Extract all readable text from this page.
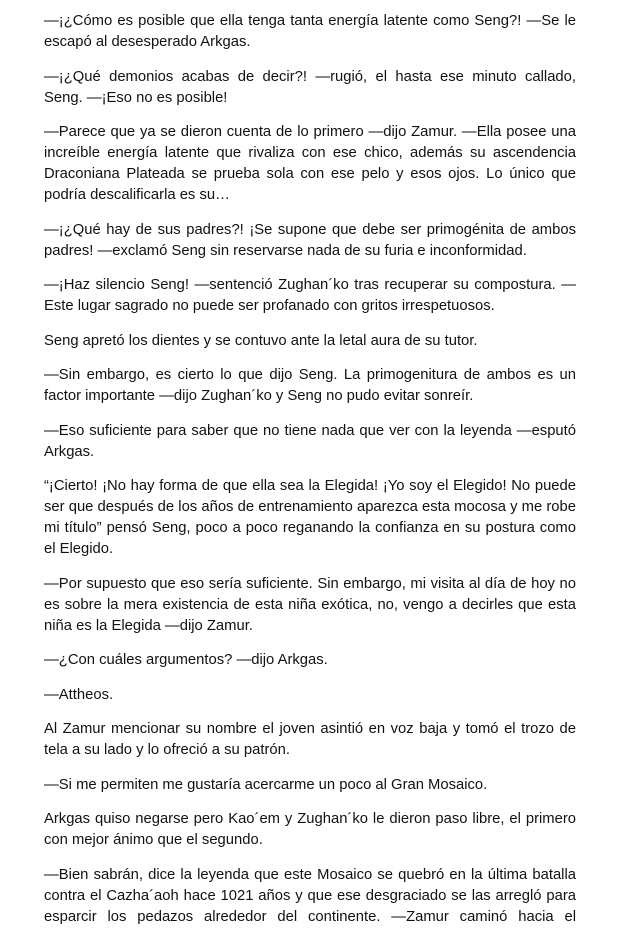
—¡¿Cómo es posible que ella tenga tanta energía latente como Seng?! —Se le escapó al desesperado Arkgas.

—¡¿Qué demonios acabas de decir?! —rugió, el hasta ese minuto callado, Seng. —¡Eso no es posible!

—Parece que ya se dieron cuenta de lo primero —dijo Zamur. —Ella posee una increíble energía latente que rivaliza con ese chico, además su ascendencia Draconiana Plateada se prueba sola con ese pelo y esos ojos. Lo único que podría descalificarla es su…

—¡¿Qué hay de sus padres?! ¡Se supone que debe ser primogénita de ambos padres! —exclamó Seng sin reservarse nada de su furia e inconformidad.

—¡Haz silencio Seng! —sentenció Zughan´ko tras recuperar su compostura. —Este lugar sagrado no puede ser profanado con gritos irrespetuosos.

Seng apretó los dientes y se contuvo ante la letal aura de su tutor.

—Sin embargo, es cierto lo que dijo Seng. La primogenitura de ambos es un factor importante —dijo Zughan´ko y Seng no pudo evitar sonreír.

—Eso suficiente para saber que no tiene nada que ver con la leyenda —esputó Arkgas.

“¡Cierto! ¡No hay forma de que ella sea la Elegida! ¡Yo soy el Elegido! No puede ser que después de los años de entrenamiento aparezca esta mocosa y me robe mi título” pensó Seng, poco a poco reganando la confianza en su postura como el Elegido.

—Por supuesto que eso sería suficiente. Sin embargo, mi visita al día de hoy no es sobre la mera existencia de esta niña exótica, no, vengo a decirles que esta niña es la Elegida —dijo Zamur.

—¿Con cuáles argumentos? —dijo Arkgas.

—Attheos.

Al Zamur mencionar su nombre el joven asintió en voz baja y tomó el trozo de tela a su lado y lo ofreció a su patrón.

—Si me permiten me gustaría acercarme un poco al Gran Mosaico.

Arkgas quiso negarse pero Kao´em y Zughan´ko le dieron paso libre, el primero con mejor ánimo que el segundo.

—Bien sabrán, dice la leyenda que este Mosaico se quebró en la última batalla contra el Cazha´aoh hace 1021 años y que ese desgraciado se las arregló para esparcir los pedazos alrededor del continente. —Zamur caminó hacia el
